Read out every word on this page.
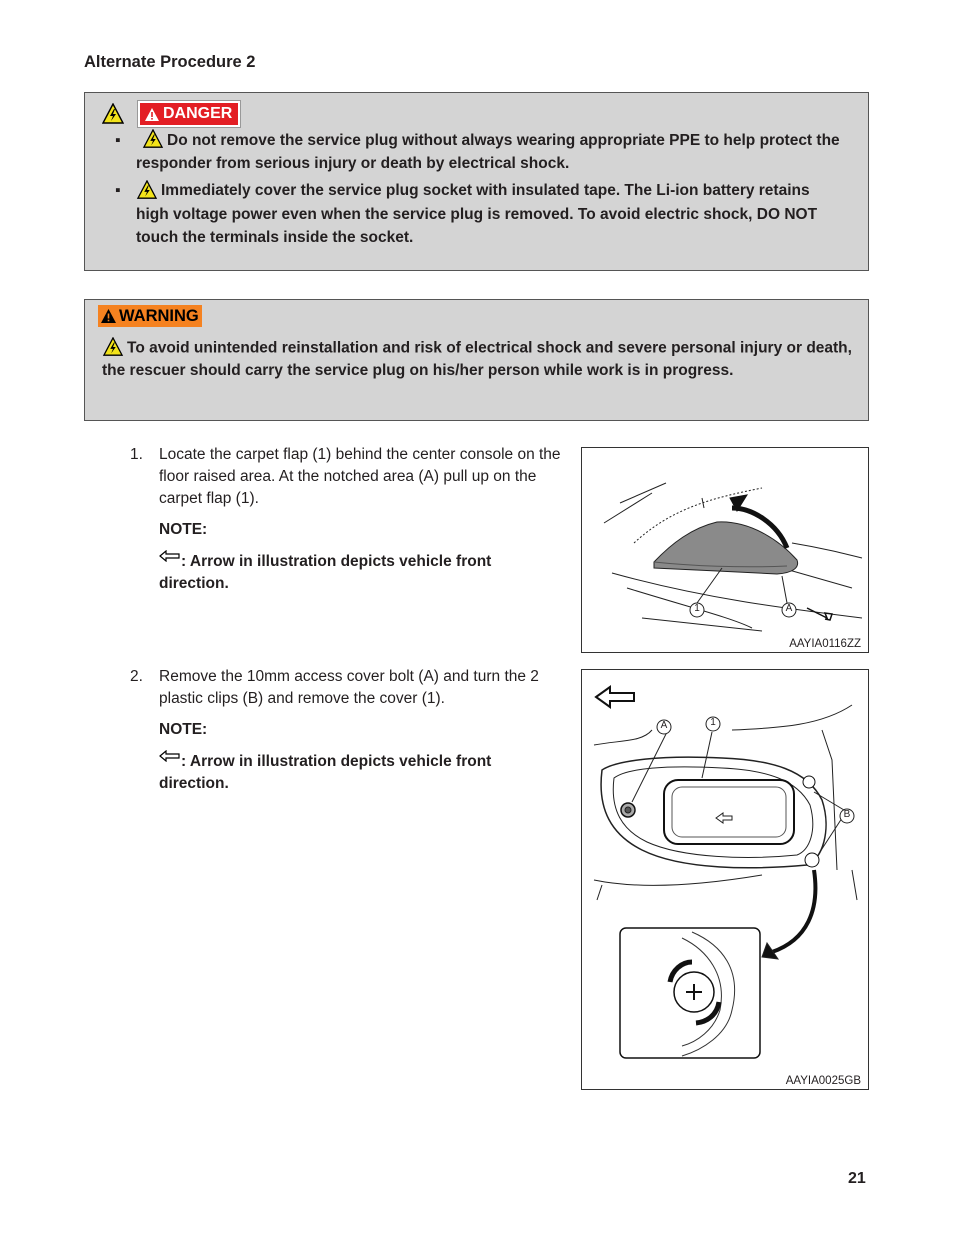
Alternate Procedure 2
DANGER
▪	Do not remove the service plug without always wearing appropriate PPE to help protect the responder from serious injury or death by electrical shock.
▪	Immediately cover the service plug socket with insulated tape. The Li-ion battery retains high voltage power even when the service plug is removed. To avoid electric shock, DO NOT touch the terminals inside the socket.
WARNING
To avoid unintended reinstallation and risk of electrical shock and severe personal injury or death, the rescuer should carry the service plug on his/her person while work is in progress.
1. Locate the carpet flap (1) behind the center console on the floor raised area. At the notched area (A) pull up on the carpet flap (1).
NOTE:
: Arrow in illustration depicts vehicle front direction.
2. Remove the 10mm access cover bolt (A) and turn the 2 plastic clips (B) and remove the cover (1).
NOTE:
: Arrow in illustration depicts vehicle front direction.
1	A
AAYIA0116ZZ
A	1
B
AAYIA0025GB
21
